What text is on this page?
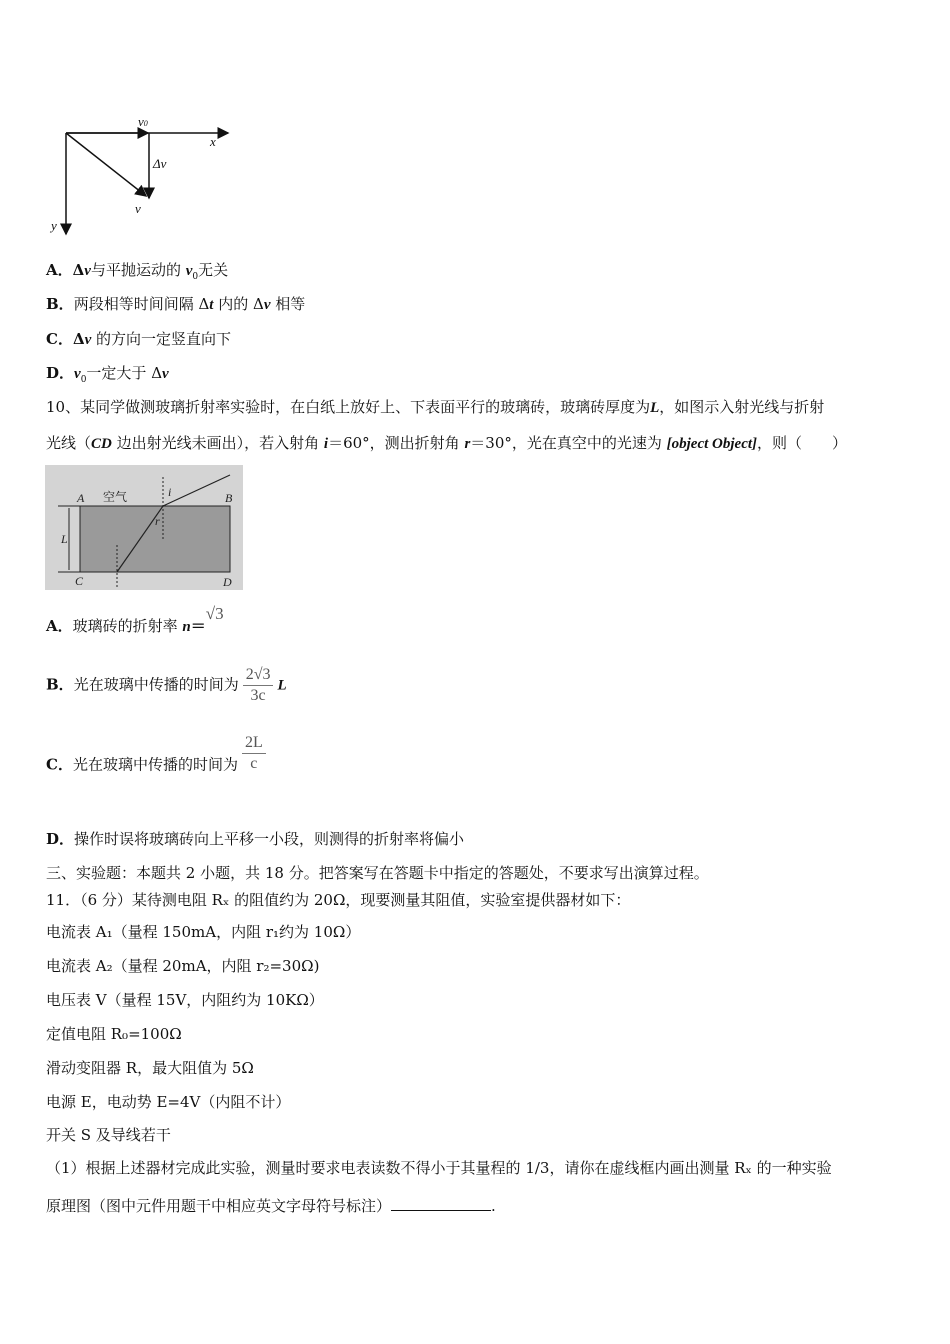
v0
x
Δv
v
y
A．Δv与平抛运动的 $v_0$无关
B．两段相等时间间隔 Δt 内的 Δv 相等
C．Δv 的方向一定竖直向下
D．$v_0$一定大于 Δv
10、某同学做测玻璃折射率实验时，在白纸上放好上、下表面平行的玻璃砖，玻璃砖厚度为L，如图示入射光线与折射
光线（CD 边出射光线未画出），若入射角 i＝60°，测出折射角 r＝30°，光在真空中的光速为 [object Object]，则（　　）
A	B
C	D
i
r
L
空气
A．玻璃砖的折射率 n＝√3
B．光在玻璃中传播的时间为 $\frac{2√3}{3c}$ L
C．光在玻璃中传播的时间为 $\frac{2L}{c}$
D．操作时误将玻璃砖向上平移一小段，则测得的折射率将偏小
三、实验题：本题共 2 小题，共 18 分。把答案写在答题卡中指定的答题处，不要求写出演算过程。
11．（6 分）某待测电阻 Rₓ 的阻值约为 20Ω，现要测量其阻值，实验室提供器材如下：
电流表 A₁（量程 150mA，内阻 r₁约为 10Ω）
电流表 A₂（量程 20mA，内阻 r₂=30Ω)
电压表 V（量程 15V，内阻约为 10KΩ）
定值电阻 R₀=100Ω
滑动变阻器 R，最大阻值为 5Ω
电源 E，电动势 E=4V（内阻不计）
开关 S 及导线若干
（1）根据上述器材完成此实验，测量时要求电表读数不得小于其量程的 1/3，请你在虚线框内画出测量 Rₓ 的一种实验
原理图（图中元件用题干中相应英文字母符号标注）	.
